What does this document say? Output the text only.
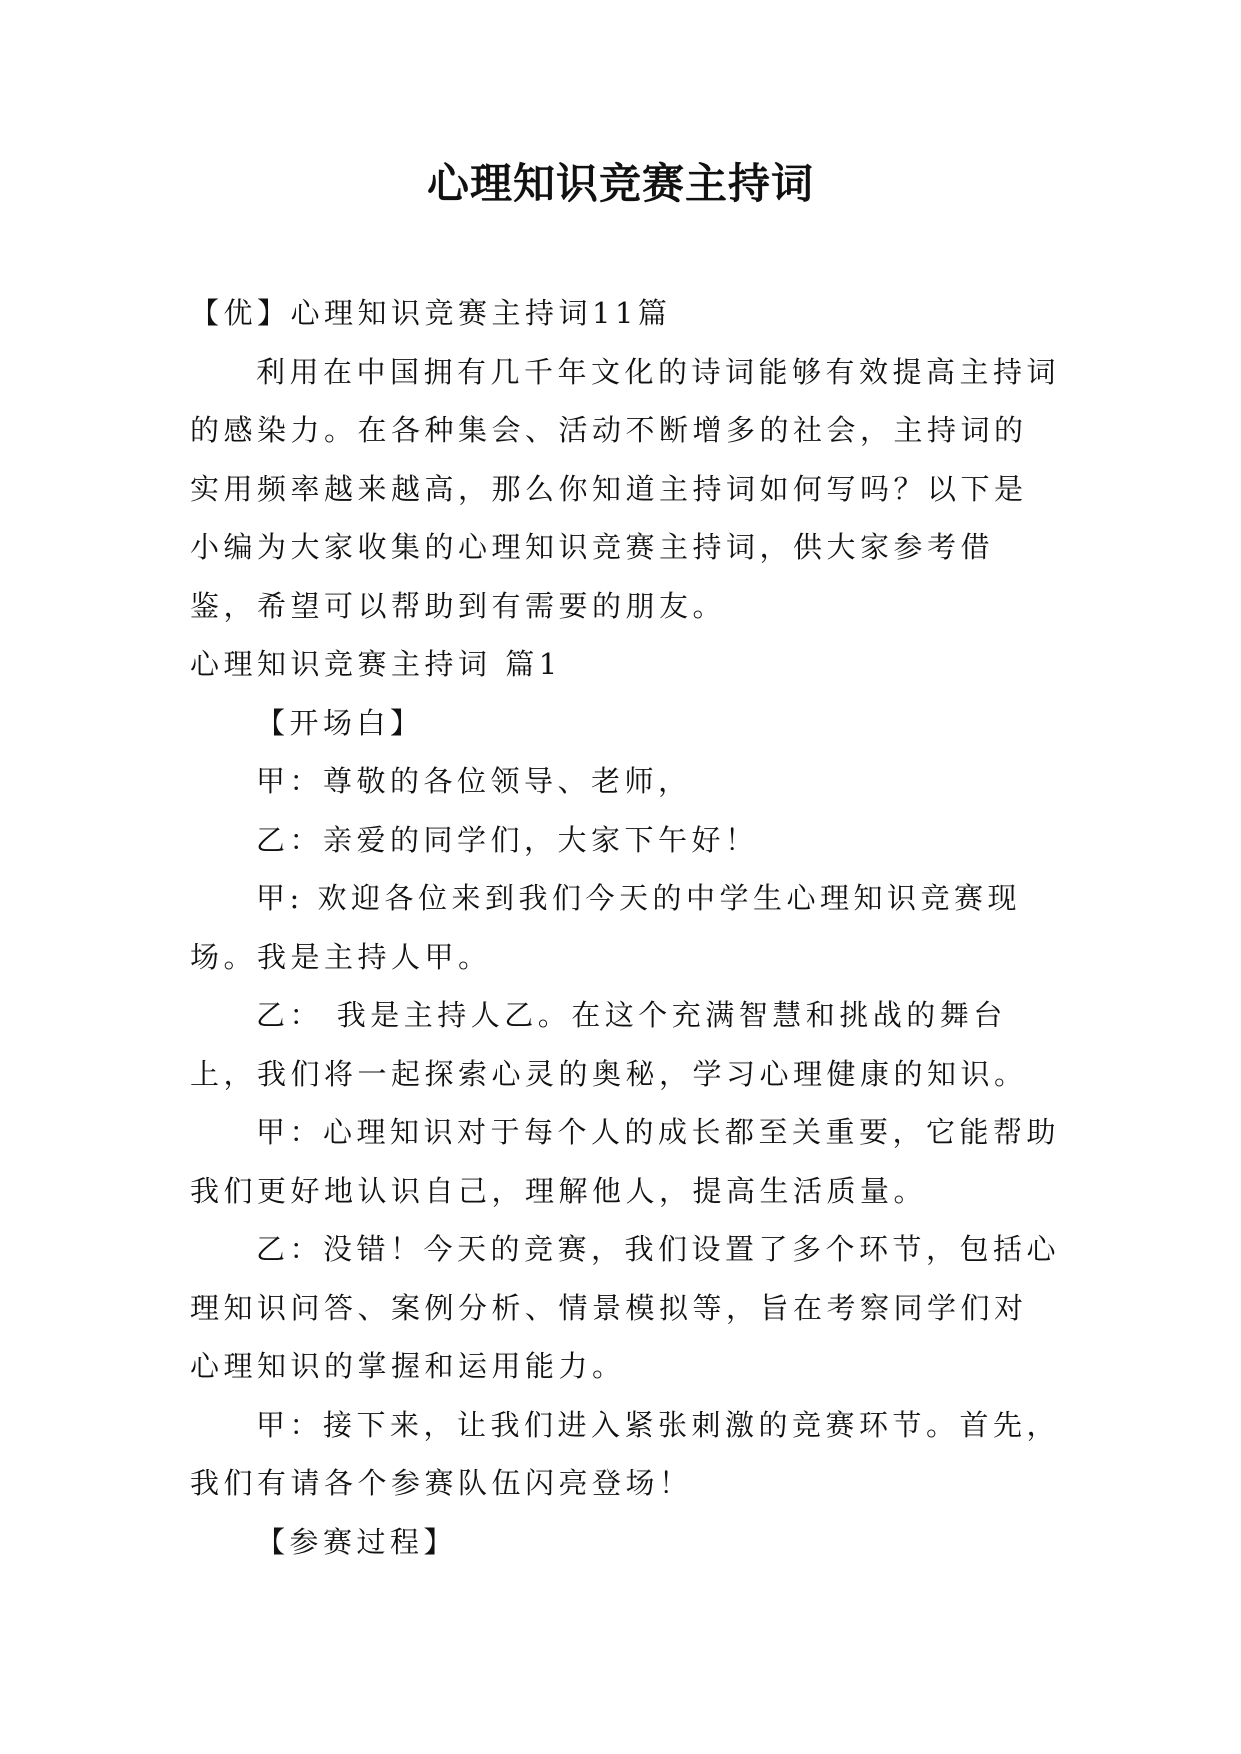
心理知识竞赛主持词

【优】心理知识竞赛主持词11篇

利用在中国拥有几千年文化的诗词能够有效提高主持词的感染力。在各种集会、活动不断增多的社会，主持词的实用频率越来越高，那么你知道主持词如何写吗？以下是小编为大家收集的心理知识竞赛主持词，供大家参考借鉴，希望可以帮助到有需要的朋友。

心理知识竞赛主持词 篇1

【开场白】

甲：尊敬的各位领导、老师，

乙：亲爱的同学们，大家下午好！

甲: 欢迎各位来到我们今天的中学生心理知识竞赛现场。我是主持人甲。

乙： 我是主持人乙。在这个充满智慧和挑战的舞台上，我们将一起探索心灵的奥秘，学习心理健康的知识。

甲：心理知识对于每个人的成长都至关重要，它能帮助我们更好地认识自己，理解他人，提高生活质量。

乙：没错！今天的竞赛，我们设置了多个环节，包括心理知识问答、案例分析、情景模拟等，旨在考察同学们对心理知识的掌握和运用能力。

甲：接下来，让我们进入紧张刺激的竞赛环节。首先，我们有请各个参赛队伍闪亮登场！

【参赛过程】
